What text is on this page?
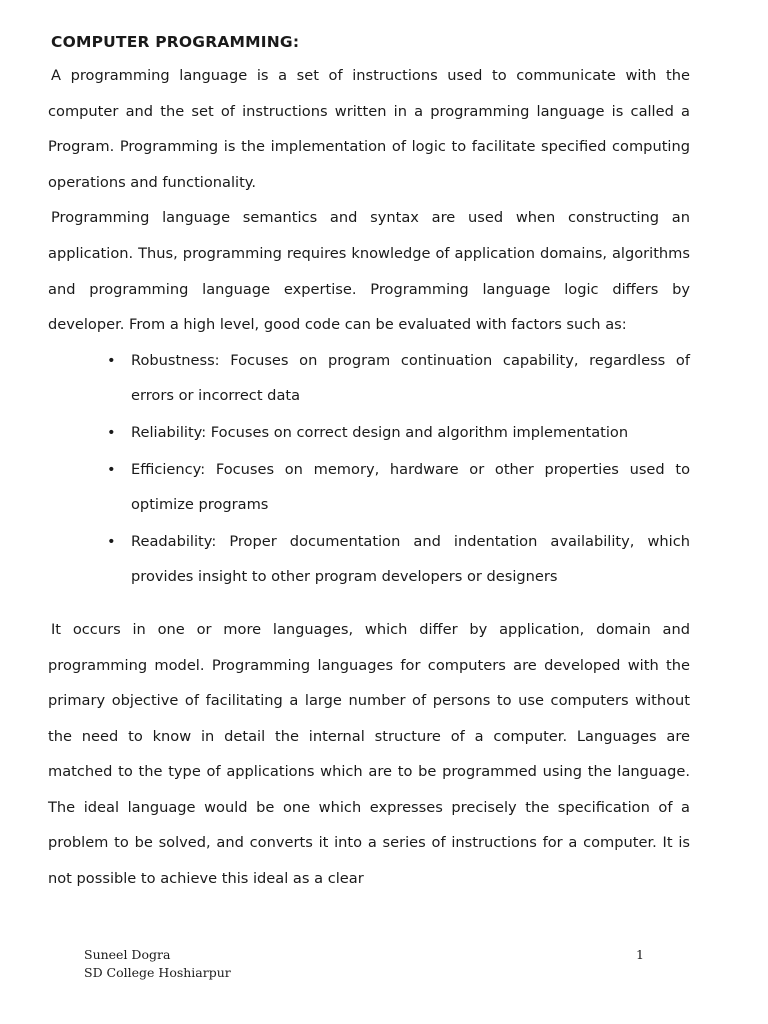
COMPUTER PROGRAMMING:

A programming language is a set of instructions used to communicate with the computer and the set of instructions written in a programming language is called a Program. Programming is the implementation of logic to facilitate specified computing operations and functionality.

Programming language semantics and syntax are used when constructing an application. Thus, programming requires knowledge of application domains, algorithms and programming language expertise. Programming language logic differs by developer. From a high level, good code can be evaluated with factors such as:

• Robustness: Focuses on program continuation capability, regardless of errors or incorrect data
• Reliability: Focuses on correct design and algorithm implementation
• Efficiency: Focuses on memory, hardware or other properties used to optimize programs
• Readability: Proper documentation and indentation availability, which provides insight to other program developers or designers

It occurs in one or more languages, which differ by application, domain and programming model. Programming languages for computers are developed with the primary objective of facilitating a large number of persons to use computers without the need to know in detail the internal structure of a computer. Languages are matched to the type of applications which are to be programmed using the language. The ideal language would be one which expresses precisely the specification of a problem to be solved, and converts it into a series of instructions for a computer. It is not possible to achieve this ideal as a clear

Suneel Dogra
SD College Hoshiarpur
1
